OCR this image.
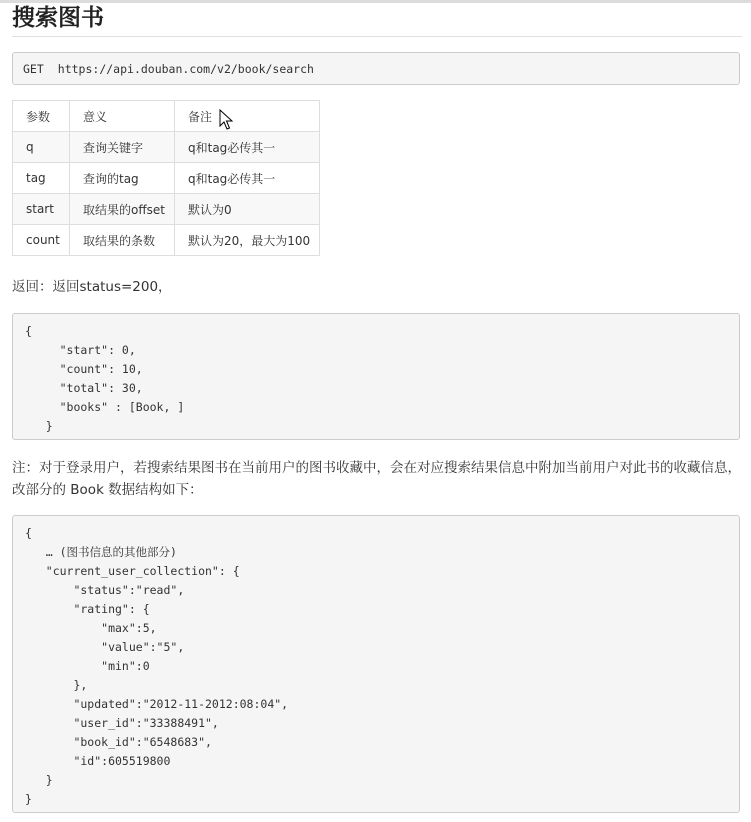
搜索图书
GET https://api.douban.com/v2/book/search
参数	意义	备注
q	查询关键字	q和tag必传其一
tag	查询的tag	q和tag必传其一
start	取结果的offset	默认为0
count	取结果的条数	默认为20，最大为100
返回：返回status=200，
{
"start": 0,
"count": 10,
"total": 30,
"books" : [Book, ]
}
注：对于登录用户，若搜索结果图书在当前用户的图书收藏中，会在对应搜索结果信息中附加当前用户对此书的收藏信息，改部分的 Book 数据结构如下：
{
… (图书信息的其他部分)
"current_user_collection": {
"status":"read",
"rating": {
"max":5,
"value":"5",
"min":0
},
"updated":"2012-11-2012:08:04",
"user_id":"33388491",
"book_id":"6548683",
"id":605519800
}
}
